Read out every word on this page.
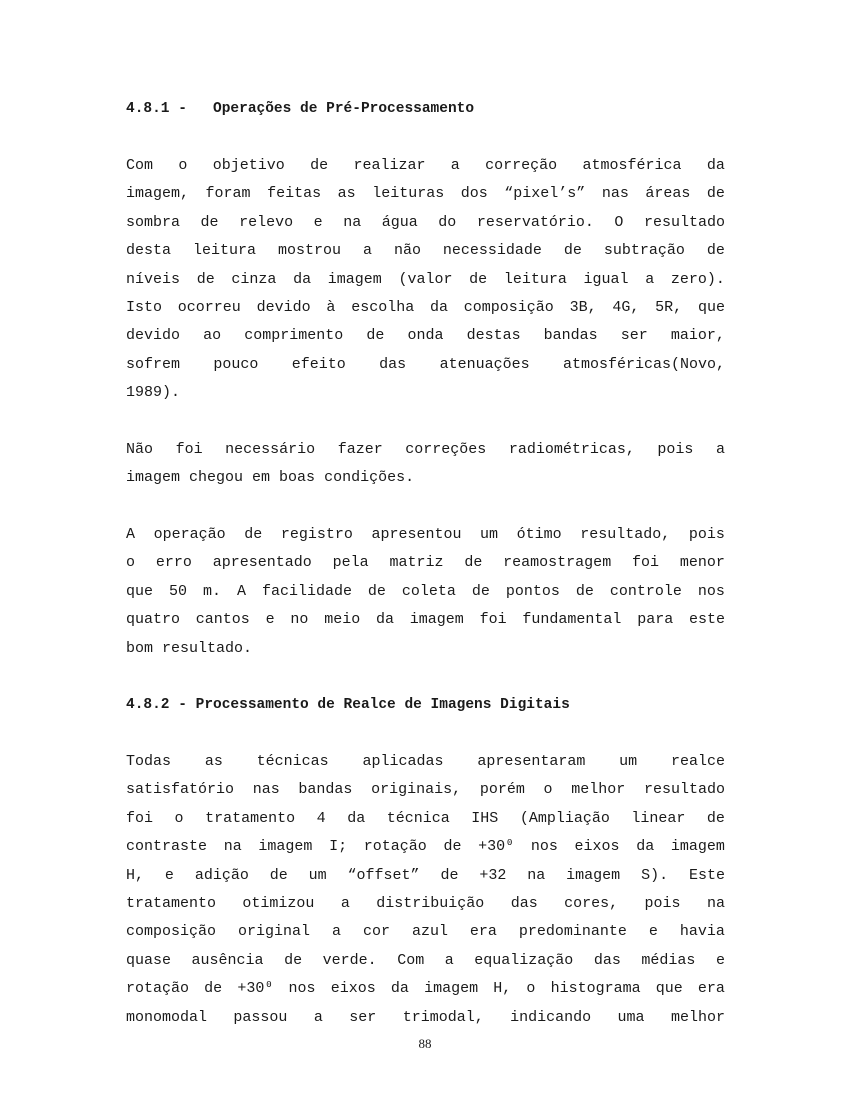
4.8.1 -   Operações de Pré-Processamento
Com o objetivo de realizar a correção atmosférica da
imagem, foram feitas as leituras dos “pixel’s” nas áreas de
sombra de relevo e na água do reservatório. O resultado
desta leitura mostrou a não necessidade de subtração de
níveis de cinza da imagem (valor de leitura igual a zero).
Isto ocorreu devido à escolha da composição 3B, 4G, 5R, que
devido ao comprimento de onda destas bandas ser maior,
sofrem pouco efeito das atenuações atmosféricas(Novo,
1989).
Não foi necessário fazer correções radiométricas, pois a
imagem chegou em boas condições.
A operação de registro apresentou um ótimo resultado, pois
o erro apresentado pela matriz de reamostragem foi menor
que 50 m. A facilidade de coleta de pontos de controle nos
quatro cantos e no meio da imagem foi fundamental para este
bom resultado.
4.8.2 - Processamento de Realce de Imagens Digitais
Todas as técnicas aplicadas apresentaram um realce
satisfatório nas bandas originais, porém o melhor resultado
foi o tratamento 4 da técnica IHS (Ampliação linear de
contraste na imagem I; rotação de +30⁰ nos eixos da imagem
H, e adição de um “offset” de +32 na imagem S). Este
tratamento otimizou a distribuição das cores, pois na
composição original a cor azul era predominante e havia
quase ausência de verde. Com a equalização das médias e
rotação de +30⁰ nos eixos da imagem H, o histograma que era
monomodal passou a ser trimodal, indicando uma melhor
88
